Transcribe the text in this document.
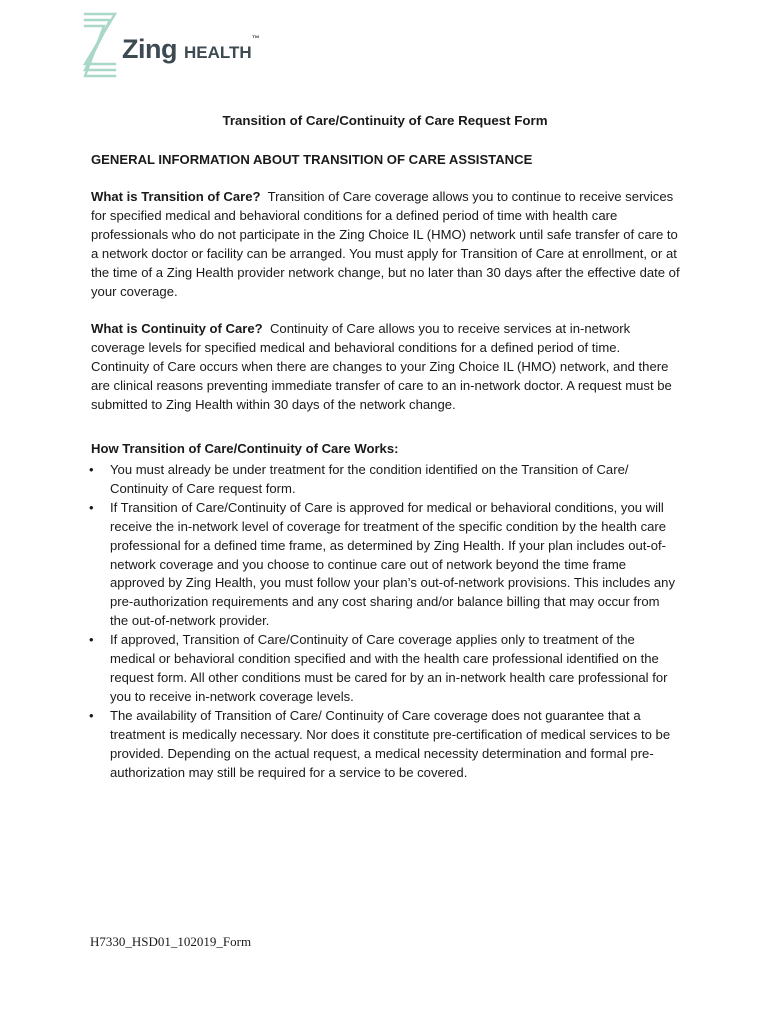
Zing HEALTH™
Transition of Care/Continuity of Care Request Form
GENERAL INFORMATION ABOUT TRANSITION OF CARE ASSISTANCE
What is Transition of Care? Transition of Care coverage allows you to continue to receive services for specified medical and behavioral conditions for a defined period of time with health care professionals who do not participate in the Zing Choice IL (HMO) network until safe transfer of care to a network doctor or facility can be arranged. You must apply for Transition of Care at enrollment, or at the time of a Zing Health provider network change, but no later than 30 days after the effective date of your coverage.
What is Continuity of Care? Continuity of Care allows you to receive services at in-network coverage levels for specified medical and behavioral conditions for a defined period of time. Continuity of Care occurs when there are changes to your Zing Choice IL (HMO) network, and there are clinical reasons preventing immediate transfer of care to an in-network doctor. A request must be submitted to Zing Health within 30 days of the network change.
How Transition of Care/Continuity of Care Works:
• You must already be under treatment for the condition identified on the Transition of Care/ Continuity of Care request form.
• If Transition of Care/Continuity of Care is approved for medical or behavioral conditions, you will receive the in-network level of coverage for treatment of the specific condition by the health care professional for a defined time frame, as determined by Zing Health. If your plan includes out-of-network coverage and you choose to continue care out of network beyond the time frame approved by Zing Health, you must follow your plan’s out-of-network provisions. This includes any pre-authorization requirements and any cost sharing and/or balance billing that may occur from the out-of-network provider.
• If approved, Transition of Care/Continuity of Care coverage applies only to treatment of the medical or behavioral condition specified and with the health care professional identified on the request form. All other conditions must be cared for by an in-network health care professional for you to receive in-network coverage levels.
• The availability of Transition of Care/ Continuity of Care coverage does not guarantee that a treatment is medically necessary. Nor does it constitute pre-certification of medical services to be provided. Depending on the actual request, a medical necessity determination and formal pre-authorization may still be required for a service to be covered.
H7330_HSD01_102019_Form
